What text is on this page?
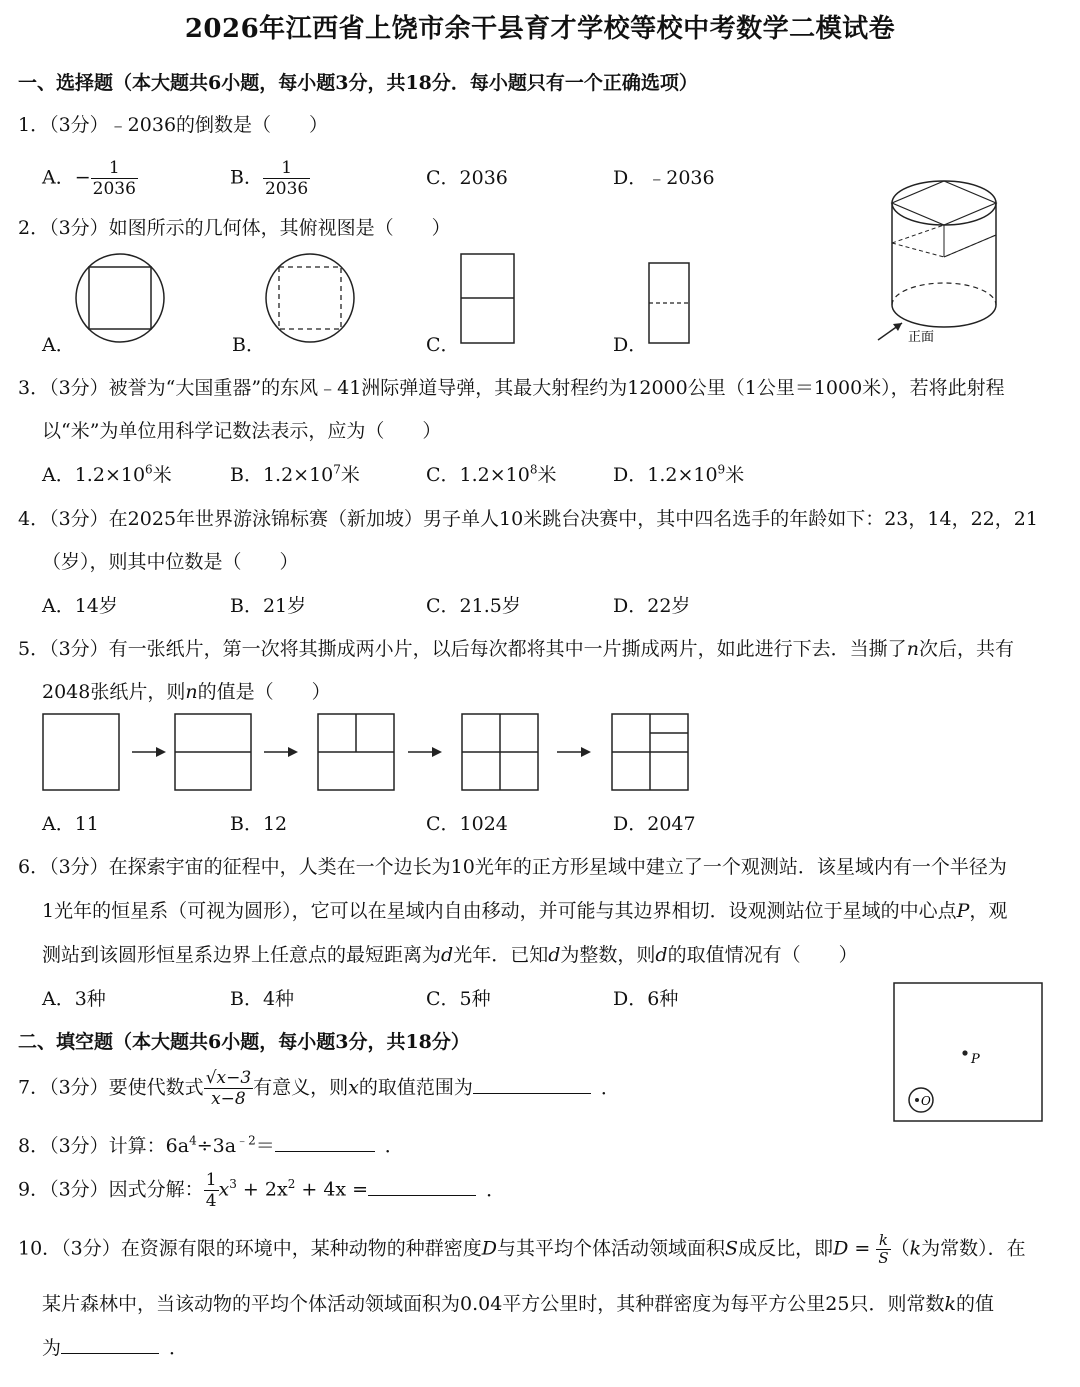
2026年江西省上饶市余干县育才学校等校中考数学二模试卷
一、选择题（本大题共6小题，每小题3分，共18分．每小题只有一个正确选项）
1．（3分）﹣2036的倒数是（　　）
A．− $\frac{1}{2036}$	B． $\frac{1}{2036}$	C．2036	D．﹣2036
正面
2．（3分）如图所示的几何体，其俯视图是（　　）
A．	B．	C．	D．
3．（3分）被誉为“大国重器”的东风﹣41洲际弹道导弹，其最大射程约为12000公里（1公里＝1000米），若将此射程
以“米”为单位用科学记数法表示，应为（　　）
A．$1.2\times 10^6$米	B．$1.2\times 10^7$米	C．$1.2\times 10^8$米	D．$1.2\times 10^9$米
4．（3分）在2025年世界游泳锦标赛（新加坡）男子单人10米跳台决赛中，其中四名选手的年龄如下：23，14，22，21
（岁），则其中位数是（　　）
A．14岁	B．21岁	C．21.5岁	D．22岁
5．（3分）有一张纸片，第一次将其撕成两小片，以后每次都将其中一片撕成两片，如此进行下去．当撕了n次后，共有
2048张纸片，则n的值是（　　）
A．11	B．12	C．1024	D．2047
6．（3分）在探索宇宙的征程中，人类在一个边长为10光年的正方形星域中建立了一个观测站．该星域内有一个半径为
1光年的恒星系（可视为圆形），它可以在星域内自由移动，并可能与其边界相切．设观测站位于星域的中心点P，观
测站到该圆形恒星系边界上任意点的最短距离为d光年．已知d为整数，则d的取值情况有（　　）
A．3种	B．4种	C．5种	D．6种
P
O
二、填空题（本大题共6小题，每小题3分，共18分）
7．（3分）要使代数式 $\frac{√x-3}{x-8}$ 有意义，则x的取值范围为	．
8．（3分）计算：$6a^4\div 3a^{﹣2}=$	．
9．（3分）因式分解： $\frac{1}{4} x^3 + 2x^2 + 4x$ =	．
10．（3分）在资源有限的环境中，某种动物的种群密度D与其平均个体活动领域面积S成反比，即$D = \frac{k}{S} (k$为常数）．在
某片森林中，当该动物的平均个体活动领域面积为0.04平方公里时，其种群密度为每平方公里25只．则常数k的值
为	．
